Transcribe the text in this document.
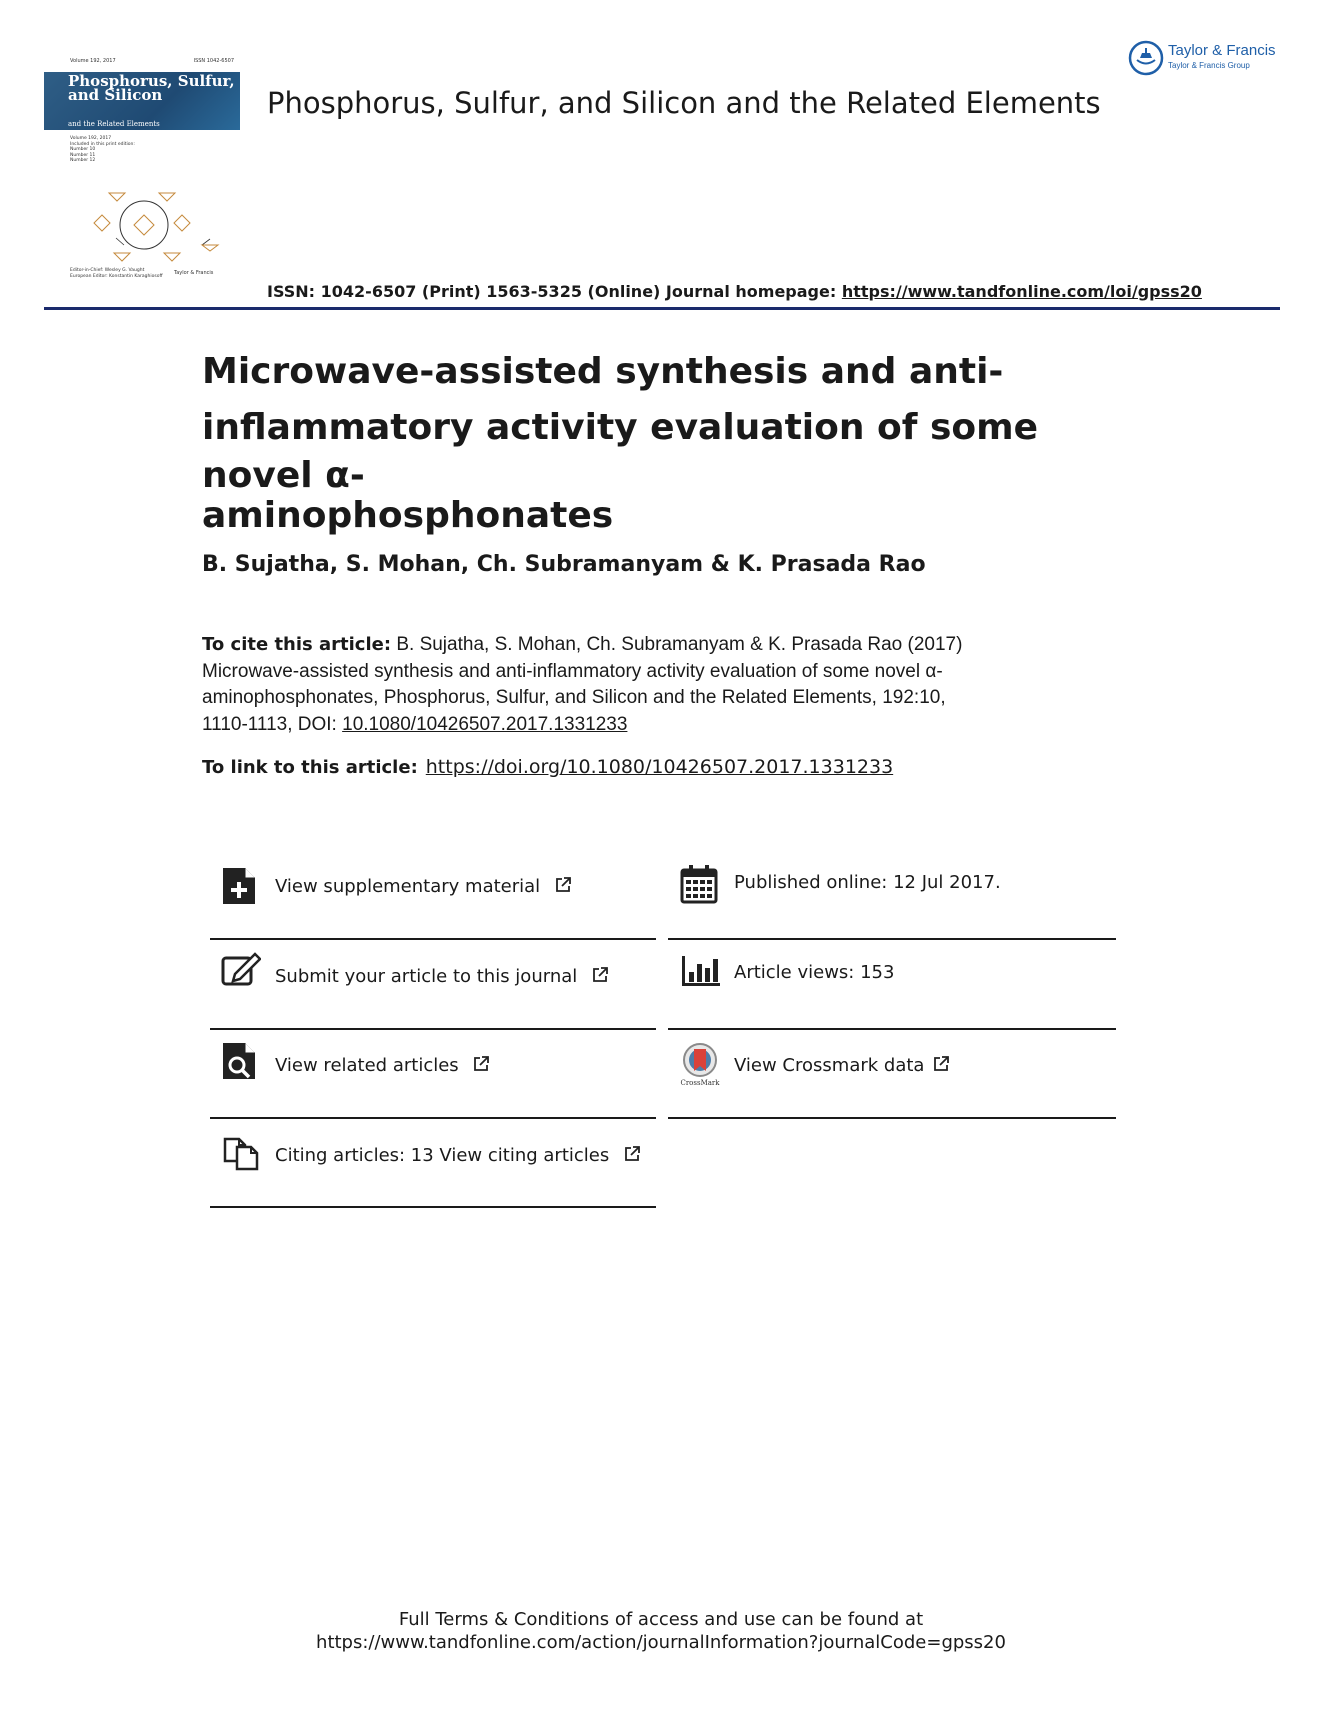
Volume 192, 2017	ISSN 1042-6507
Phosphorus, Sulfur, and Silicon
and the Related Elements
Volume 192, 2017
Included in this print edition:
Number 10
Number 11
Number 12
Editor-in-Chief: Wesley G. Vaught
European Editor: Konstantin Karaghiosoff Taylor & Francis
Taylor & Francis
Taylor & Francis Group
Phosphorus, Sulfur, and Silicon and the Related Elements
ISSN: 1042-6507 (Print) 1563-5325 (Online) Journal homepage: https://www.tandfonline.com/loi/gpss20
Microwave-assisted synthesis and anti-
inflammatory activity evaluation of some novel α-
aminophosphonates
B. Sujatha, S. Mohan, Ch. Subramanyam & K. Prasada Rao
To cite this article: B. Sujatha, S. Mohan, Ch. Subramanyam & K. Prasada Rao (2017)
Microwave-assisted synthesis and anti-inflammatory activity evaluation of some novel α-
aminophosphonates, Phosphorus, Sulfur, and Silicon and the Related Elements, 192:10,
1110-1113, DOI: 10.1080/10426507.2017.1331233
To link to this article: https://doi.org/10.1080/10426507.2017.1331233
View supplementary material
Submit your article to this journal
View related articles
Citing articles: 13 View citing articles
Published online: 12 Jul 2017.
Article views: 153
CrossMark
View Crossmark data
Full Terms & Conditions of access and use can be found at
https://www.tandfonline.com/action/journalInformation?journalCode=gpss20
